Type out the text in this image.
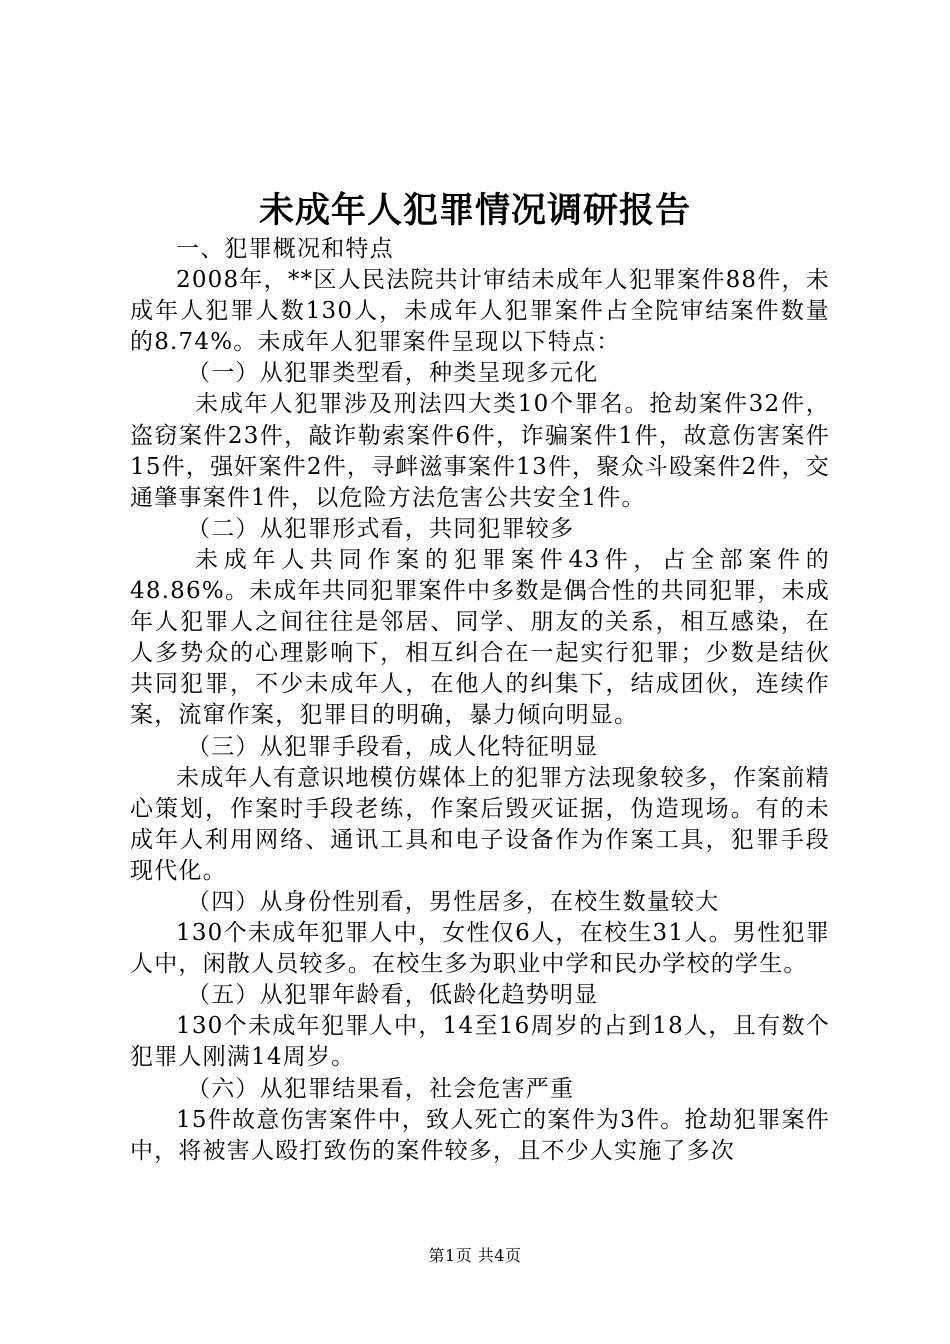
未成年人犯罪情况调研报告

一、犯罪概况和特点

2008年，**区人民法院共计审结未成年人犯罪案件88件，未成年人犯罪人数130人，未成年人犯罪案件占全院审结案件数量的8.74%。未成年人犯罪案件呈现以下特点：

（一）从犯罪类型看，种类呈现多元化

未成年人犯罪涉及刑法四大类10个罪名。抢劫案件32件，盗窃案件23件，敲诈勒索案件6件，诈骗案件1件，故意伤害案件15件，强奸案件2件，寻衅滋事案件13件，聚众斗殴案件2件，交通肇事案件1件，以危险方法危害公共安全1件。

（二）从犯罪形式看，共同犯罪较多

未成年人共同作案的犯罪案件43件，占全部案件的48.86%。未成年共同犯罪案件中多数是偶合性的共同犯罪，未成年人犯罪人之间往往是邻居、同学、朋友的关系，相互感染，在人多势众的心理影响下，相互纠合在一起实行犯罪；少数是结伙共同犯罪，不少未成年人，在他人的纠集下，结成团伙，连续作案，流窜作案，犯罪目的明确，暴力倾向明显。

（三）从犯罪手段看，成人化特征明显

未成年人有意识地模仿媒体上的犯罪方法现象较多，作案前精心策划，作案时手段老练，作案后毁灭证据，伪造现场。有的未成年人利用网络、通讯工具和电子设备作为作案工具，犯罪手段现代化。

（四）从身份性别看，男性居多，在校生数量较大

130个未成年犯罪人中，女性仅6人，在校生31人。男性犯罪人中，闲散人员较多。在校生多为职业中学和民办学校的学生。

（五）从犯罪年龄看，低龄化趋势明显

130个未成年犯罪人中，14至16周岁的占到18人，且有数个犯罪人刚满14周岁。

（六）从犯罪结果看，社会危害严重

15件故意伤害案件中，致人死亡的案件为3件。抢劫犯罪案件中，将被害人殴打致伤的案件较多，且不少人实施了多次

第1页 共4页
